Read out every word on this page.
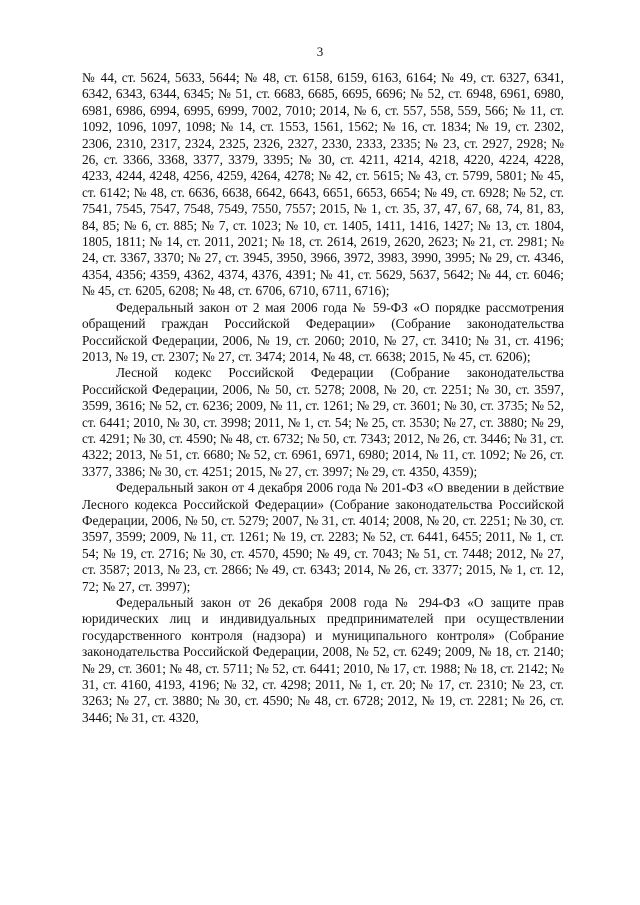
3

№ 44, ст. 5624, 5633, 5644; № 48, ст. 6158, 6159, 6163, 6164; № 49, ст. 6327, 6341, 6342, 6343, 6344, 6345; № 51, ст. 6683, 6685, 6695, 6696; № 52, ст. 6948, 6961, 6980, 6981, 6986, 6994, 6995, 6999, 7002, 7010; 2014, № 6, ст. 557, 558, 559, 566; № 11, ст. 1092, 1096, 1097, 1098; № 14, ст. 1553, 1561, 1562; № 16, ст. 1834; № 19, ст. 2302, 2306, 2310, 2317, 2324, 2325, 2326, 2327, 2330, 2333, 2335; № 23, ст. 2927, 2928; № 26, ст. 3366, 3368, 3377, 3379, 3395; № 30, ст. 4211, 4214, 4218, 4220, 4224, 4228, 4233, 4244, 4248, 4256, 4259, 4264, 4278; № 42, ст. 5615; № 43, ст. 5799, 5801; № 45, ст. 6142; № 48, ст. 6636, 6638, 6642, 6643, 6651, 6653, 6654; № 49, ст. 6928; № 52, ст. 7541, 7545, 7547, 7548, 7549, 7550, 7557; 2015, № 1, ст. 35, 37, 47, 67, 68, 74, 81, 83, 84, 85; № 6, ст. 885; № 7, ст. 1023; № 10, ст. 1405, 1411, 1416, 1427; № 13, ст. 1804, 1805, 1811; № 14, ст. 2011, 2021; № 18, ст. 2614, 2619, 2620, 2623; № 21, ст. 2981; № 24, ст. 3367, 3370; № 27, ст. 3945, 3950, 3966, 3972, 3983, 3990, 3995; № 29, ст. 4346, 4354, 4356; 4359, 4362, 4374, 4376, 4391; № 41, ст. 5629, 5637, 5642; № 44, ст. 6046; № 45, ст. 6205, 6208; № 48, ст. 6706, 6710, 6711, 6716);

Федеральный закон от 2 мая 2006 года № 59-ФЗ «О порядке рассмотрения обращений граждан Российской Федерации» (Собрание законодательства Российской Федерации, 2006, № 19, ст. 2060; 2010, № 27, ст. 3410; № 31, ст. 4196; 2013, № 19, ст. 2307; № 27, ст. 3474; 2014, № 48, ст. 6638; 2015, № 45, ст. 6206);

Лесной кодекс Российской Федерации (Собрание законодательства Российской Федерации, 2006, № 50, ст. 5278; 2008, № 20, ст. 2251; № 30, ст. 3597, 3599, 3616; № 52, ст. 6236; 2009, № 11, ст. 1261; № 29, ст. 3601; № 30, ст. 3735; № 52, ст. 6441; 2010, № 30, ст. 3998; 2011, № 1, ст. 54; № 25, ст. 3530; № 27, ст. 3880; № 29, ст. 4291; № 30, ст. 4590; № 48, ст. 6732; № 50, ст. 7343; 2012, № 26, ст. 3446; № 31, ст. 4322; 2013, № 51, ст. 6680; № 52, ст. 6961, 6971, 6980; 2014, № 11, ст. 1092; № 26, ст. 3377, 3386; № 30, ст. 4251; 2015, № 27, ст. 3997; № 29, ст. 4350, 4359);

Федеральный закон от 4 декабря 2006 года № 201-ФЗ «О введении в действие Лесного кодекса Российской Федерации» (Собрание законодательства Российской Федерации, 2006, № 50, ст. 5279; 2007, № 31, ст. 4014; 2008, № 20, ст. 2251; № 30, ст. 3597, 3599; 2009, № 11, ст. 1261; № 19, ст. 2283; № 52, ст. 6441, 6455; 2011, № 1, ст. 54; № 19, ст. 2716; № 30, ст. 4570, 4590; № 49, ст. 7043; № 51, ст. 7448; 2012, № 27, ст. 3587; 2013, № 23, ст. 2866; № 49, ст. 6343; 2014, № 26, ст. 3377; 2015, № 1, ст. 12, 72; № 27, ст. 3997);

Федеральный закон от 26 декабря 2008 года № 294-ФЗ «О защите прав юридических лиц и индивидуальных предпринимателей при осуществлении государственного контроля (надзора) и муниципального контроля» (Собрание законодательства Российской Федерации, 2008, № 52, ст. 6249; 2009, № 18, ст. 2140; № 29, ст. 3601; № 48, ст. 5711; № 52, ст. 6441; 2010, № 17, ст. 1988; № 18, ст. 2142; № 31, ст. 4160, 4193, 4196; № 32, ст. 4298; 2011, № 1, ст. 20; № 17, ст. 2310; № 23, ст. 3263; № 27, ст. 3880; № 30, ст. 4590; № 48, ст. 6728; 2012, № 19, ст. 2281; № 26, ст. 3446; № 31, ст. 4320,
